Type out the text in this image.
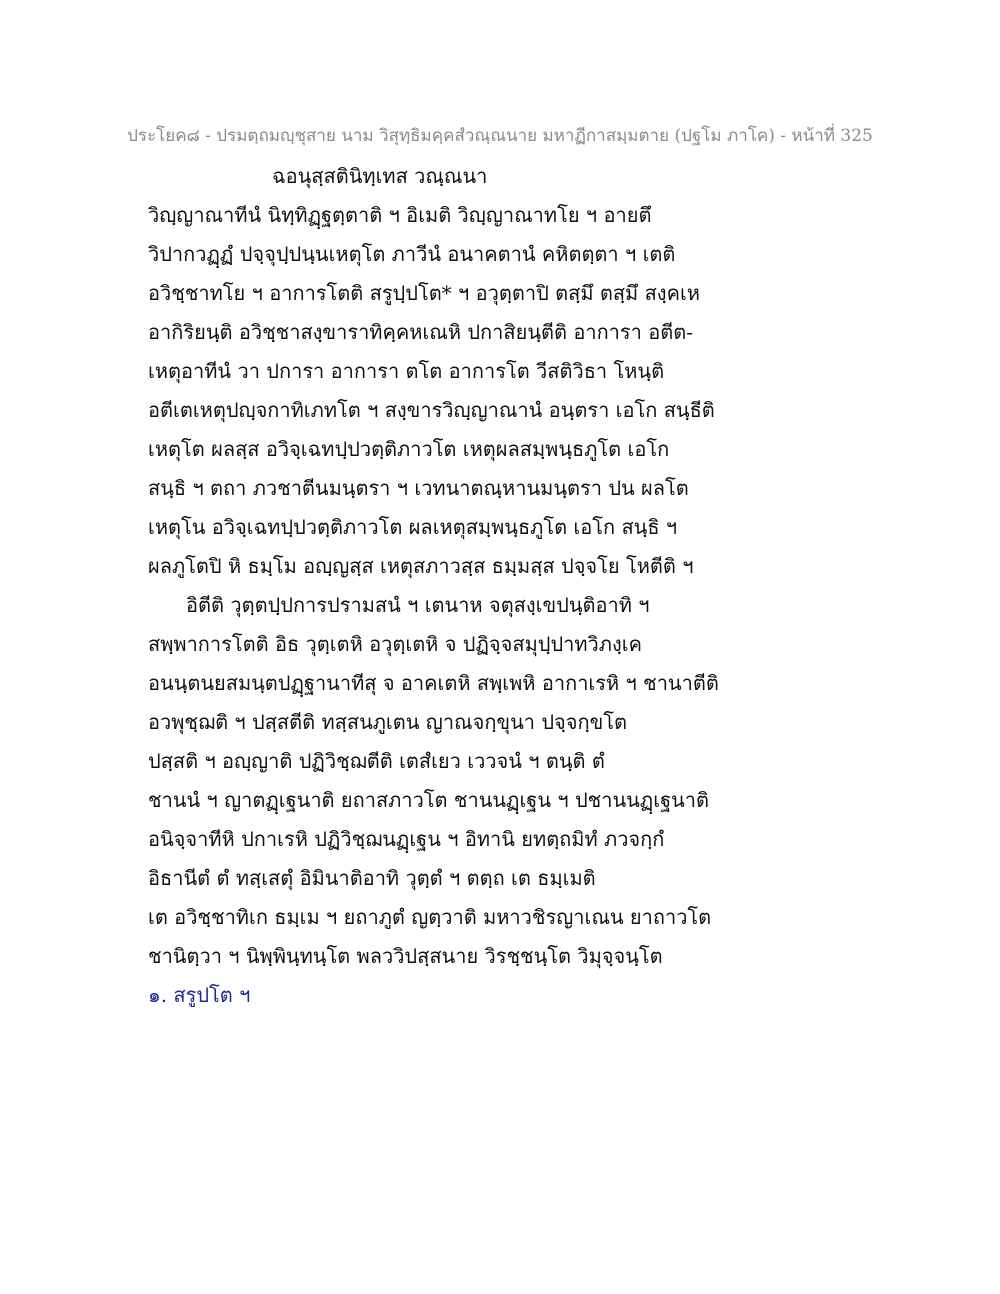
ประโยค๘ - ปรมตฺถมญฺชุสาย นาม วิสุทฺธิมคฺคสํวณฺณนาย มหาฏีกาสมฺมตาย (ปฐโม ภาโค) - หน้าที่ 325
ฉอนุสฺสตินิทฺเทส วณฺณนา
วิญฺญาณาทีนํ นิทฺทิฏฺฐตฺตาติ ฯ อิเมติ วิญฺญาณาทโย ฯ อายตึ
วิปากวฏฺฏํ ปจฺจุปฺปนฺนเหตุโต ภาวีนํ อนาคตานํ คหิตตฺตา ฯ เตติ
อวิชฺชาทโย ฯ อาการโตติ สรูปฺปโต* ฯ อวุตฺตาปิ ตสฺมึ ตสฺมึ สงฺคเห
อากิริยนฺติ อวิชฺชาสงฺขาราทิคฺคหเณหิ ปกาสิยนฺตีติ อาการา อตีต-
เหตุอาทีนํ วา ปการา อาการา ตโต อาการโต วีสติวิธา โหนฺติ
อตีเตเหตุปญฺจกาทิเภทโต ฯ สงฺขารวิญฺญาณานํ อนฺตรา เอโก สนฺธีติ
เหตุโต ผลสฺส อวิจฺเฉทปฺปวตฺติภาวโต เหตุผลสมฺพนฺธภูโต เอโก
สนฺธิ ฯ ตถา ภวชาตีนมนฺตรา ฯ เวทนาตณฺหานมนฺตรา ปน ผลโต
เหตุโน อวิจฺเฉทปฺปวตฺติภาวโต ผลเหตุสมฺพนฺธภูโต เอโก สนฺธิ ฯ
ผลภูโตปิ หิ ธมฺโม อญฺญสฺส เหตุสภาวสฺส ธมฺมสฺส ปจฺจโย โหตีติ ฯ
อิตีติ วุตฺตปฺปการปรามสนํ ฯ เตนาห จตุสงฺเขปนฺติอาทิ ฯ
สพฺพาการโตติ อิธ วุตฺเตหิ อวุตฺเตหิ จ ปฏิจฺจสมุปฺปาทวิภงฺเค
อนนฺตนยสมนฺตปฏฺฐานาทีสุ จ อาคเตหิ สพฺเพหิ อากาเรหิ ฯ ชานาตีติ
อวพุชฺฌติ ฯ ปสฺสตีติ ทสฺสนภูเตน ญาณจกฺขุนา ปจฺจกฺขโต
ปสฺสติ ฯ อญฺญาติ ปฏิวิชฺฌตีติ เตสํเยว เววจนํ ฯ ตนฺติ ตํ
ชานนํ ฯ ญาตฏฺเฐนาติ ยถาสภาวโต ชานนฏฺเฐน ฯ ปชานนฏฺเฐนาติ
อนิจฺจาทีหิ ปกาเรหิ ปฏิวิชฺฌนฏฺเฐน ฯ อิทานิ ยทตฺถมิทํ ภวจกฺกํ
อิธานีตํ ตํ ทสฺเสตุํ อิมินาติอาทิ วุตฺตํ ฯ ตตฺถ เต ธมฺเมติ
เต อวิชฺชาทิเก ธมฺเม ฯ ยถาภูตํ ญตฺวาติ มหาวชิรญาเณน ยาถาวโต
ชานิตฺวา ฯ นิพฺพินฺทนฺโต พลววิปสฺสนาย วิรชฺชนฺโต วิมุจฺจนฺโต
๑. สรูปโต ฯ
